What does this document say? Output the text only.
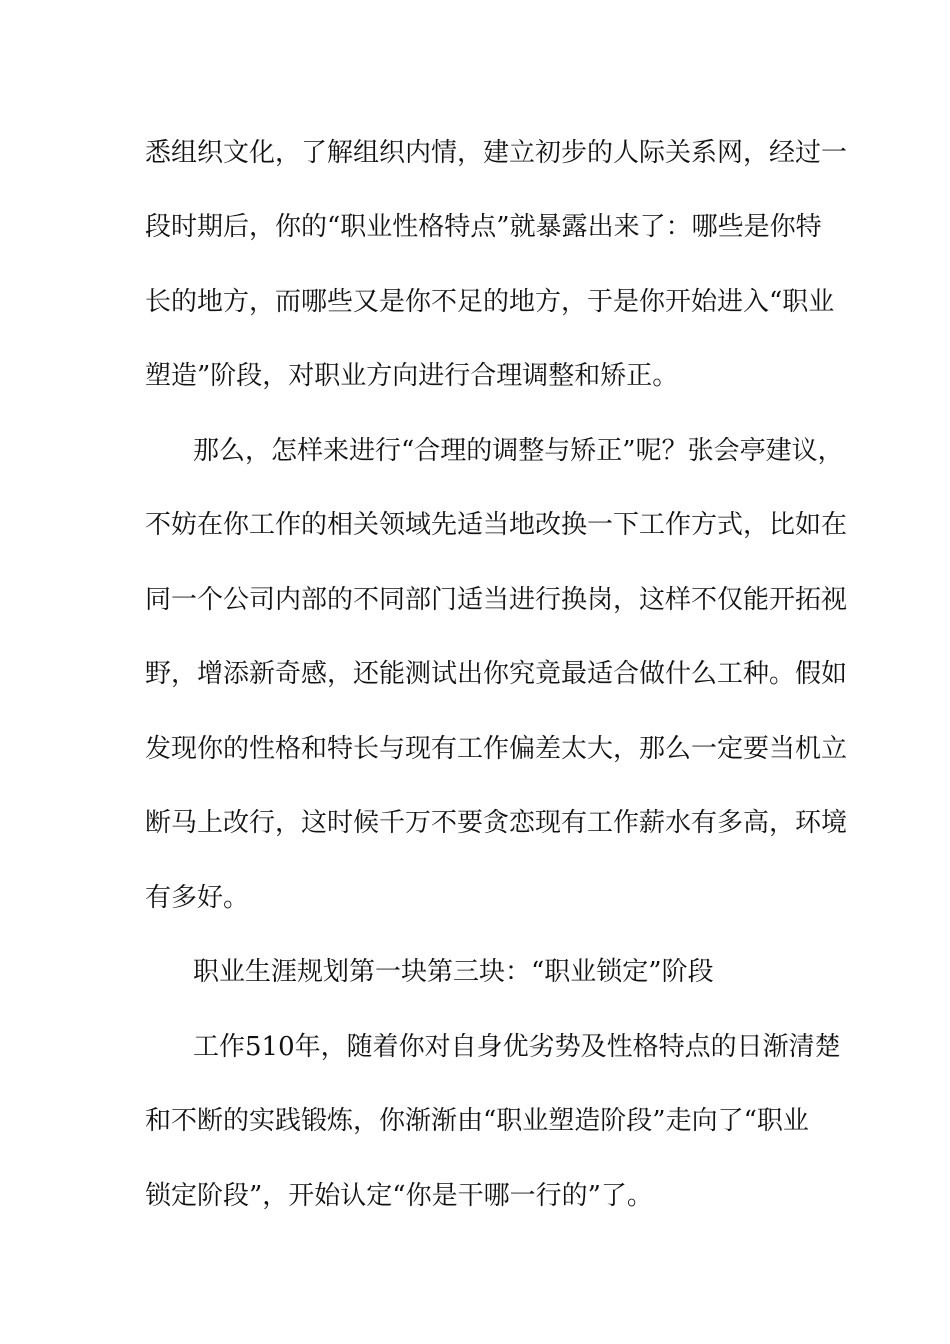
悉组织文化，了解组织内情，建立初步的人际关系网，经过一
段时期后，你的“职业性格特点”就暴露出来了：哪些是你特
长的地方，而哪些又是你不足的地方，于是你开始进入“职业
塑造”阶段，对职业方向进行合理调整和矫正。
那么，怎样来进行“合理的调整与矫正”呢？张会亭建议，
不妨在你工作的相关领域先适当地改换一下工作方式，比如在
同一个公司内部的不同部门适当进行换岗，这样不仅能开拓视
野，增添新奇感，还能测试出你究竟最适合做什么工种。假如
发现你的性格和特长与现有工作偏差太大，那么一定要当机立
断马上改行，这时候千万不要贪恋现有工作薪水有多高，环境
有多好。
职业生涯规划第一块第三块：“职业锁定”阶段
工作510年，随着你对自身优劣势及性格特点的日渐清楚
和不断的实践锻炼，你渐渐由“职业塑造阶段”走向了“职业
锁定阶段”，开始认定“你是干哪一行的”了。
